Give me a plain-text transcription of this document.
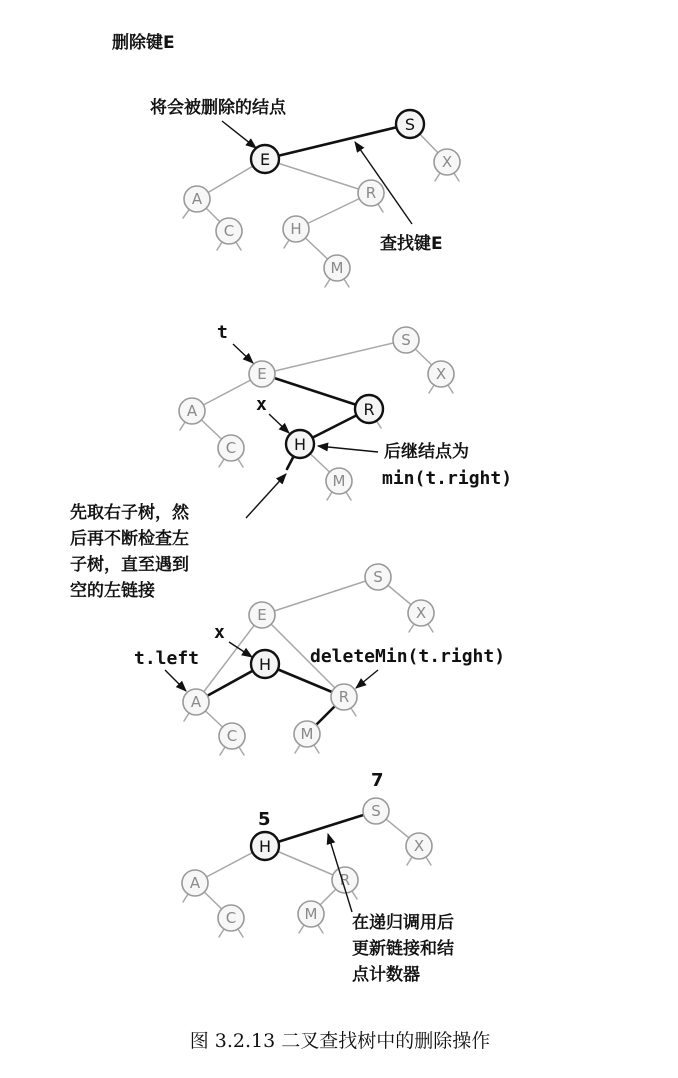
S
E	X
A	R
C	H
M
删除键E
将会被删除的结点
查找键E
S
E	X
A	R
C	H
M
t
x
后继结点为
min(t.right)
先取右子树，然
后再不断检查左
子树，直至遇到
空的左链接
S
E	X
H
A	R
C	M
x
t.left	deleteMin(t.right)
S
H	X
A	R
C	M
7
5
在递归调用后
更新链接和结
点计数器
图 3.2.13 二叉查找树中的删除操作
